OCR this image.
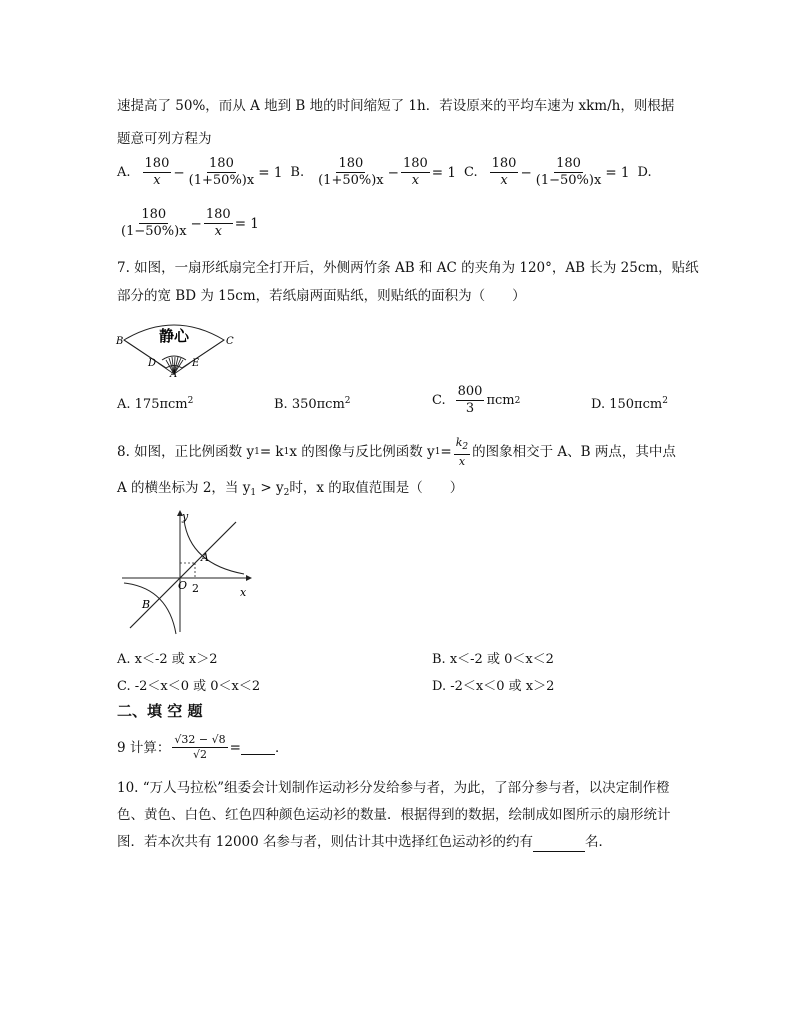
速提高了 50%，而从 A 地到 B 地的时间缩短了 1h．若设原来的平均车速为 xkm/h，则根据
题意可列方程为
A. $\frac{180}{x} - \frac{180}{(1+50\%)x} = 1$ B. $\frac{180}{(1+50\%)x} - \frac{180}{x} = 1$ C. $\frac{180}{x} - \frac{180}{(1-50\%)x} = 1$ D.
$\frac{180}{(1-50\%)x} - \frac{180}{x} = 1$
7. 如图，一扇形纸扇完全打开后，外侧两竹条 AB 和 AC 的夹角为 120°，AB 长为 25cm，贴纸
部分的宽 BD 为 15cm，若纸扇两面贴纸，则贴纸的面积为（　　）
静心
B	C
D	E
A
A. 175πcm$^2$	B. 350πcm$^2$	C. $\frac{800}{3}$ πcm 2	D. 150πcm$^2$
8. 如图，正比例函数 y 1 = k 1 x 的图像与反比例函数 y $1 = \frac{k_2}{x}$ 的图象相交于 A、B 两点，其中点
A 的横坐标为 2，当 $y_1 > y_2$时，x 的取值范围是（　　）
y
x
O
A
B
2
A. x＜-2 或 x＞2	B. x＜-2 或 0＜x＜2
C. -2＜x＜0 或 0＜x＜2	D. -2＜x＜0 或 x＞2
二、填 空 题
9 计算： $\frac{√32 - √8}{√2}$ =	．
10. “万人马拉松”组委会计划制作运动衫分发给参与者，为此，了部分参与者，以决定制作橙
色、黄色、白色、红色四种颜色运动衫的数量．根据得到的数据，绘制成如图所示的扇形统计
图．若本次共有 12000 名参与者，则估计其中选择红色运动衫的约有	名．
